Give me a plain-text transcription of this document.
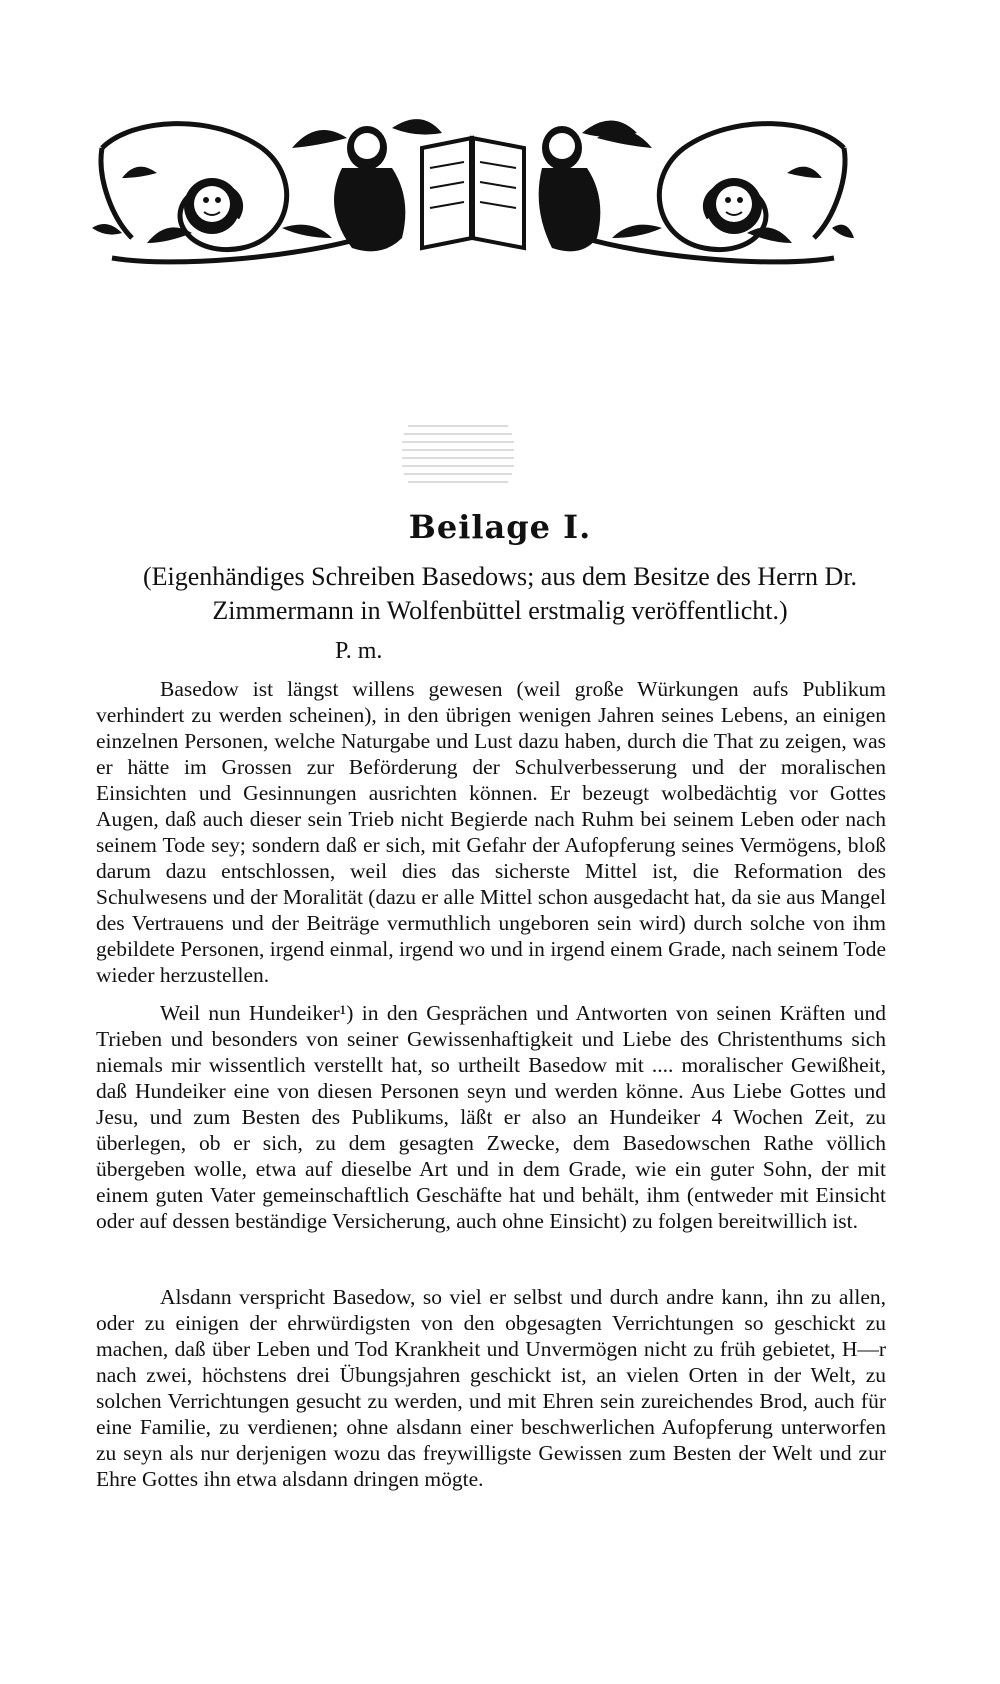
Beilage I.
(Eigenhändiges Schreiben Basedows; aus dem Besitze des Herrn Dr. Zimmermann in Wolfenbüttel erstmalig veröffentlicht.)
P. m.

Basedow ist längst willens gewesen (weil große Würkungen aufs Publikum verhindert zu werden scheinen), in den übrigen wenigen Jahren seines Lebens, an einigen einzelnen Personen, welche Naturgabe und Lust dazu haben, durch die That zu zeigen, was er hätte im Grossen zur Beförderung der Schulverbesserung und der moralischen Einsichten und Gesinnungen ausrichten können. Er bezeugt wolbedächtig vor Gottes Augen, daß auch dieser sein Trieb nicht Begierde nach Ruhm bei seinem Leben oder nach seinem Tode sey; sondern daß er sich, mit Gefahr der Aufopferung seines Vermögens, bloß darum dazu entschlossen, weil dies das sicherste Mittel ist, die Reformation des Schulwesens und der Moralität (dazu er alle Mittel schon ausgedacht hat, da sie aus Mangel des Vertrauens und der Beiträge vermuthlich ungeboren sein wird) durch solche von ihm gebildete Personen, irgend einmal, irgend wo und in irgend einem Grade, nach seinem Tode wieder herzustellen.

Weil nun Hundeiker¹) in den Gesprächen und Antworten von seinen Kräften und Trieben und besonders von seiner Gewissenhaftigkeit und Liebe des Christenthums sich niemals mir wissentlich verstellt hat, so urtheilt Basedow mit .... moralischer Gewißheit, daß Hundeiker eine von diesen Personen seyn und werden könne. Aus Liebe Gottes und Jesu, und zum Besten des Publikums, läßt er also an Hundeiker 4 Wochen Zeit, zu überlegen, ob er sich, zu dem gesagten Zwecke, dem Basedowschen Rathe völlich übergeben wolle, etwa auf dieselbe Art und in dem Grade, wie ein guter Sohn, der mit einem guten Vater gemeinschaftlich Geschäfte hat und behält, ihm (entweder mit Einsicht oder auf dessen beständige Versicherung, auch ohne Einsicht) zu folgen bereitwillich ist.

Alsdann verspricht Basedow, so viel er selbst und durch andre kann, ihn zu allen, oder zu einigen der ehrwürdigsten von den obgesagten Verrichtungen so geschickt zu machen, daß über Leben und Tod Krankheit und Unvermögen nicht zu früh gebietet, H—r nach zwei, höchstens drei Übungsjahren geschickt ist, an vielen Orten in der Welt, zu solchen Verrichtungen gesucht zu werden, und mit Ehren sein zureichendes Brod, auch für eine Familie, zu verdienen; ohne alsdann einer beschwerlichen Aufopferung unterworfen zu seyn als nur derjenigen wozu das freywilligste Gewissen zum Besten der Welt und zur Ehre Gottes ihn etwa alsdann dringen mögte.
